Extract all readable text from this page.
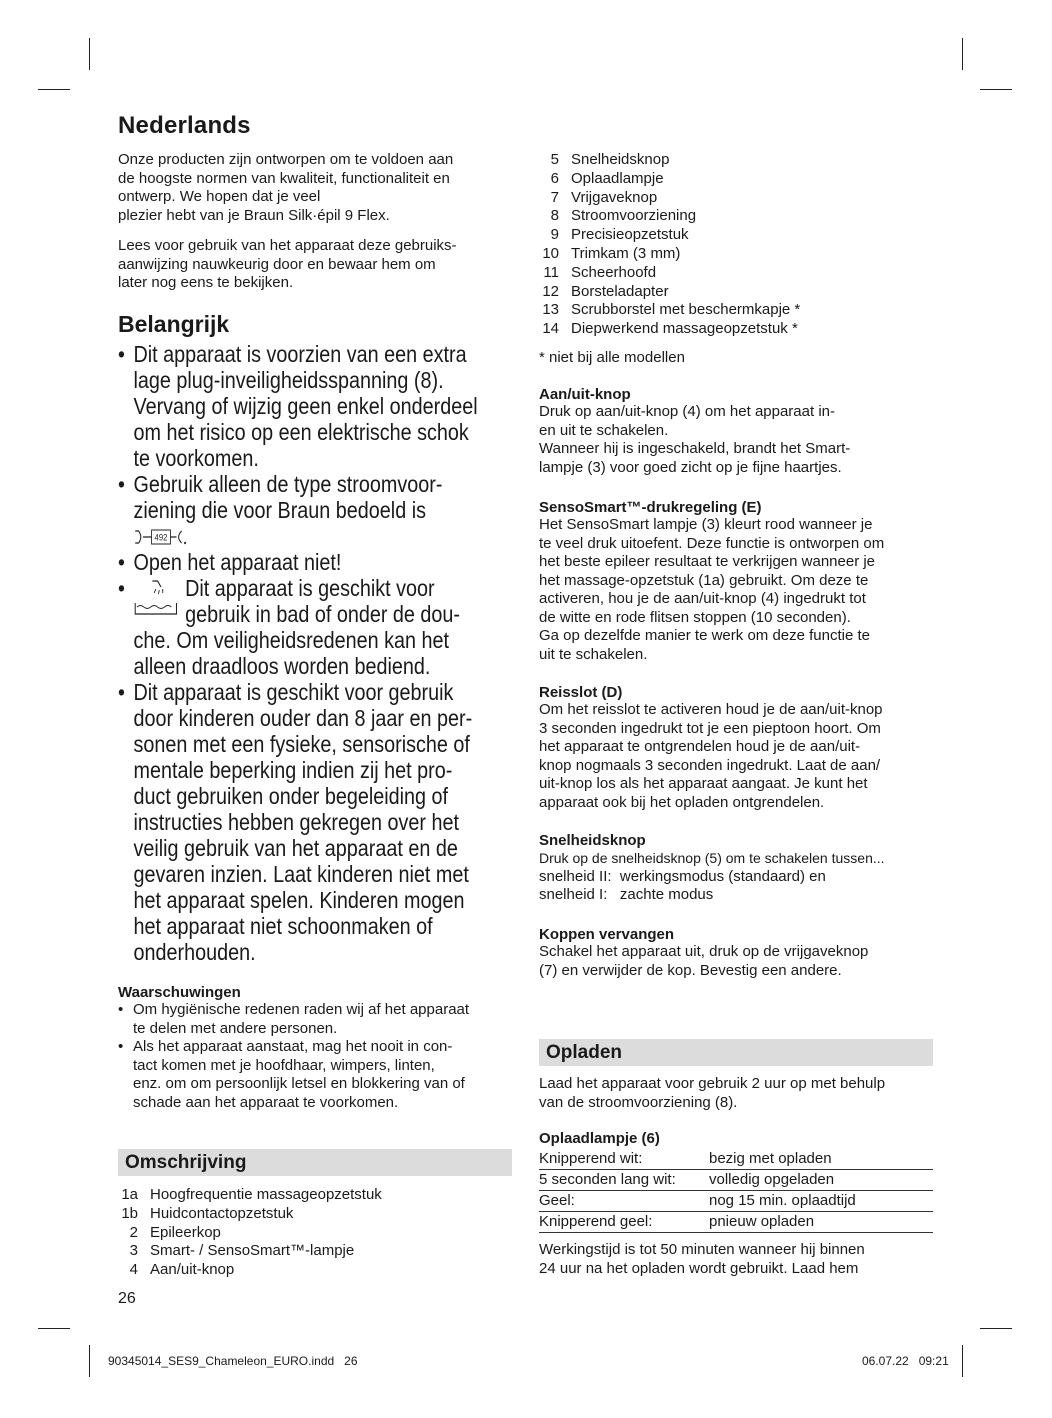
Nederlands
Onze producten zijn ontworpen om te voldoen aan
de hoogste normen van kwaliteit, functionaliteit en
ontwerp. We hopen dat je veel
plezier hebt van je Braun Silk·épil 9 Flex.
Lees voor gebruik van het apparaat deze gebruiks-
aanwijzing nauwkeurig door en bewaar hem om
later nog eens te bekijken.
Belangrijk
• Dit apparaat is voorzien van een extra
lage plug-inveiligheidsspanning (8).
Vervang of wijzig geen enkel onderdeel
om het risico op een elektrische schok
te voorkomen.
• Gebruik alleen de type stroomvoor-
ziening die voor Braun bedoeld is
492
• Open het apparaat niet!
•	Dit apparaat is geschikt voor
gebruik in bad of onder de dou-
che. Om veiligheidsredenen kan het
alleen draadloos worden bediend.
• Dit apparaat is geschikt voor gebruik
door kinderen ouder dan 8 jaar en per-
sonen met een fysieke, sensorische of
mentale beperking indien zij het pro-
duct gebruiken onder begeleiding of
instructies hebben gekregen over het
veilig gebruik van het apparaat en de
gevaren inzien. Laat kinderen niet met
het apparaat spelen. Kinderen mogen
het apparaat niet schoonmaken of
onderhouden.
Waarschuwingen
• Om hygiënische redenen raden wij af het apparaat
te delen met andere personen.
• Als het apparaat aanstaat, mag het nooit in con-
tact komen met je hoofdhaar, wimpers, linten,
enz. om om persoonlijk letsel en blokkering van of
schade aan het apparaat te voorkomen.
Omschrijving
1a Hoogfrequentie massageopzetstuk
1b Huidcontactopzetstuk
2 Epileerkop
3 Smart- / SensoSmart™-lampje
4 Aan/uit-knop
26
5 Snelheidsknop
6 Oplaadlampje
7 Vrijgaveknop
8 Stroomvoorziening
9 Precisieopzetstuk
10 Trimkam (3 mm)
11 Scheerhoofd
12 Borsteladapter
13 Scrubborstel met beschermkapje *
14 Diepwerkend massageopzetstuk *
* niet bij alle modellen
Aan/uit-knop
Druk op aan/uit-knop (4) om het apparaat in-
en uit te schakelen.
Wanneer hij is ingeschakeld, brandt het Smart-
lampje (3) voor goed zicht op je fijne haartjes.
SensoSmart™-drukregeling (E)
Het SensoSmart lampje (3) kleurt rood wanneer je
te veel druk uitoefent. Deze functie is ontworpen om
het beste epileer resultaat te verkrijgen wanneer je
het massage-opzetstuk (1a) gebruikt. Om deze te
activeren, hou je de aan/uit-knop (4) ingedrukt tot
de witte en rode flitsen stoppen (10 seconden).
Ga op dezelfde manier te werk om deze functie te
uit te schakelen.
Reisslot (D)
Om het reisslot te activeren houd je de aan/uit-knop
3 seconden ingedrukt tot je een pieptoon hoort. Om
het apparaat te ontgrendelen houd je de aan/uit-
knop nogmaals 3 seconden ingedrukt. Laat de aan/
uit-knop los als het apparaat aangaat. Je kunt het
apparaat ook bij het opladen ontgrendelen.
Snelheidsknop
Druk op de snelheidsknop (5) om te schakelen tussen...
snelheid II:  werkingsmodus (standaard) en
snelheid I:   zachte modus
Koppen vervangen
Schakel het apparaat uit, druk op de vrijgaveknop
(7) en verwijder de kop. Bevestig een andere.
Opladen
Laad het apparaat voor gebruik 2 uur op met behulp
van de stroomvoorziening (8).
Oplaadlampje (6)
Knipperend wit:	bezig met opladen
5 seconden lang wit:	volledig opgeladen
Geel:	nog 15 min. oplaadtijd
Knipperend geel:	pnieuw opladen
Werkingstijd is tot 50 minuten wanneer hij binnen
24 uur na het opladen wordt gebruikt. Laad hem
90345014_SES9_Chameleon_EURO.indd   26	06.07.22   09:21
